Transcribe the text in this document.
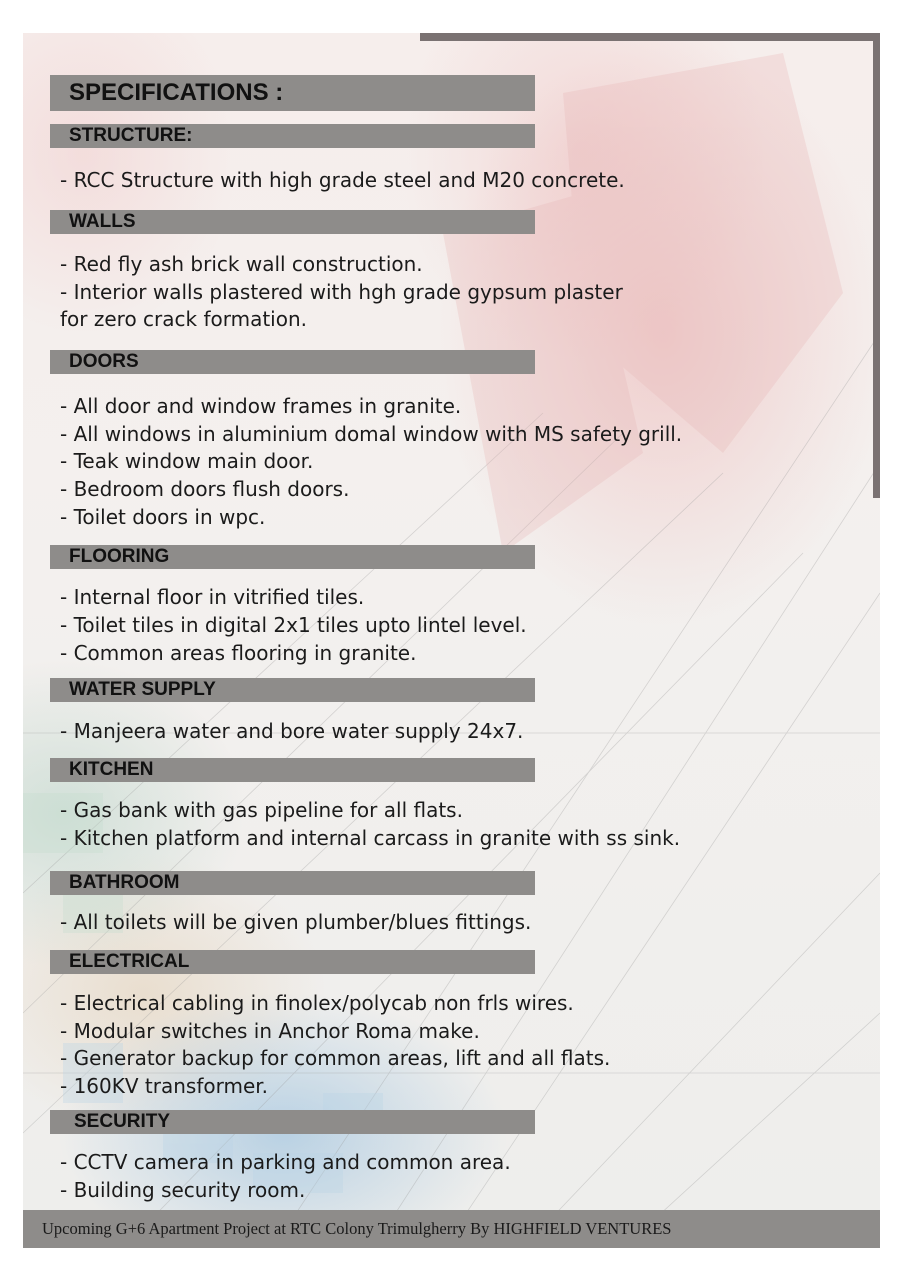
SPECIFICATIONS :
STRUCTURE:
- RCC Structure with high grade steel and M20 concrete.
WALLS
- Red fly ash brick wall construction.
- Interior walls plastered with hgh grade gypsum plaster
for zero crack formation.
DOORS
- All door and window frames in granite.
- All windows in aluminium domal window with MS safety grill.
- Teak window main door.
- Bedroom doors flush doors.
- Toilet doors in wpc.
FLOORING
- Internal floor in vitrified tiles.
- Toilet tiles in digital 2x1 tiles upto lintel level.
- Common areas flooring in granite.
WATER SUPPLY
- Manjeera water and bore water supply 24x7.
KITCHEN
- Gas bank with gas pipeline for all flats.
- Kitchen platform and internal carcass in granite with ss sink.
BATHROOM
- All toilets will be given plumber/blues fittings.
ELECTRICAL
- Electrical cabling in finolex/polycab non frls wires.
- Modular switches in Anchor Roma make.
- Generator backup for common areas, lift and all flats.
- 160KV transformer.
SECURITY
- CCTV camera in parking and common area.
- Building security room.
Upcoming G+6 Apartment Project at RTC Colony Trimulgherry By HIGHFIELD VENTURES
